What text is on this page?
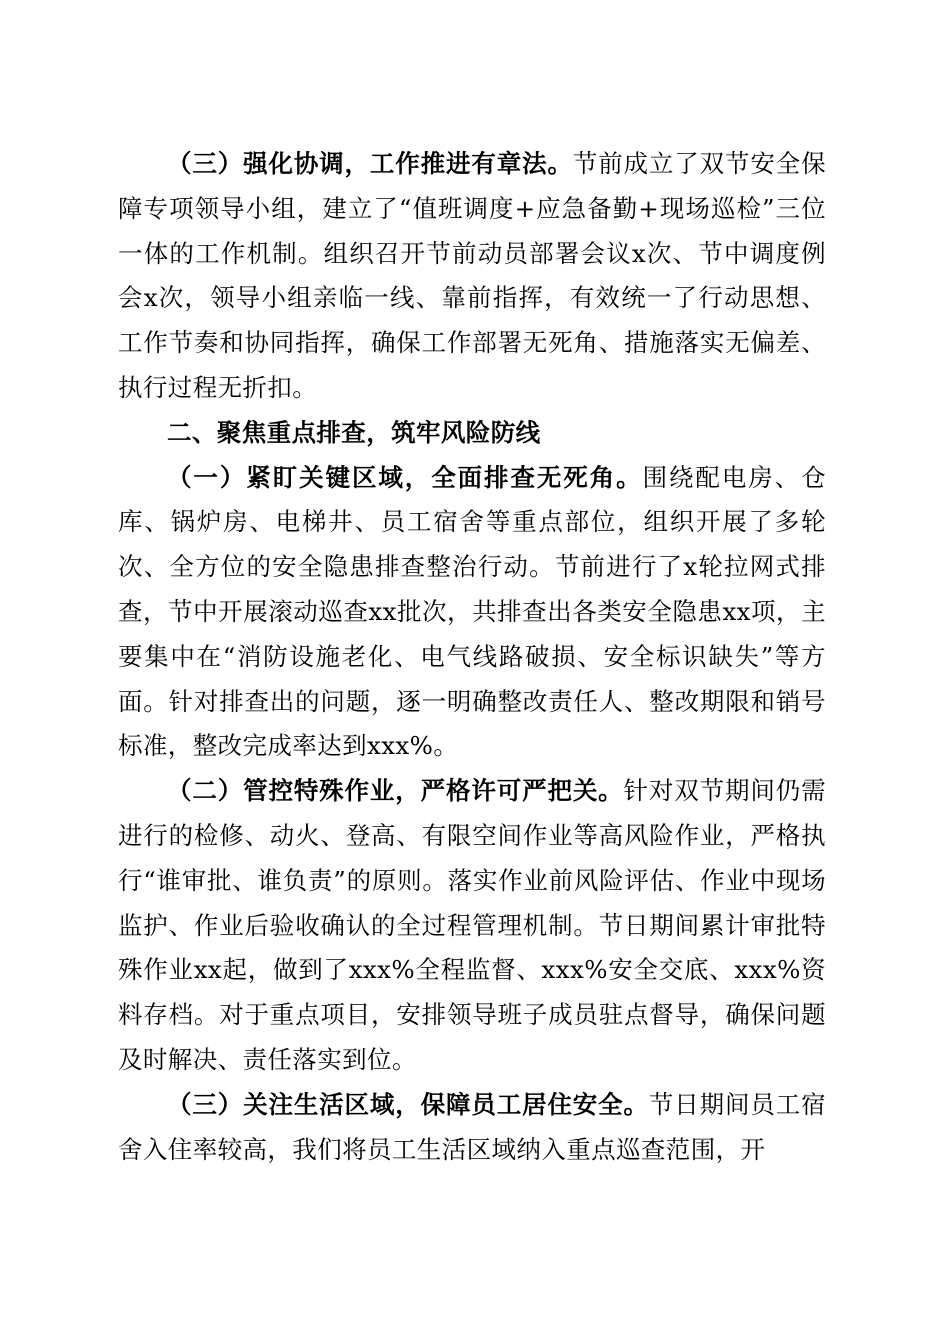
（三）强化协调，工作推进有章法。节前成立了双节安全保障专项领导小组，建立了“值班调度+应急备勤+现场巡检”三位一体的工作机制。组织召开节前动员部署会议x次、节中调度例会x次，领导小组亲临一线、靠前指挥，有效统一了行动思想、工作节奏和协同指挥，确保工作部署无死角、措施落实无偏差、执行过程无折扣。

二、聚焦重点排查，筑牢风险防线

（一）紧盯关键区域，全面排查无死角。围绕配电房、仓库、锅炉房、电梯井、员工宿舍等重点部位，组织开展了多轮次、全方位的安全隐患排查整治行动。节前进行了x轮拉网式排查，节中开展滚动巡查xx批次，共排查出各类安全隐患xx项，主要集中在“消防设施老化、电气线路破损、安全标识缺失”等方面。针对排查出的问题，逐一明确整改责任人、整改期限和销号标准，整改完成率达到xxx%。

（二）管控特殊作业，严格许可严把关。针对双节期间仍需进行的检修、动火、登高、有限空间作业等高风险作业，严格执行“谁审批、谁负责”的原则。落实作业前风险评估、作业中现场监护、作业后验收确认的全过程管理机制。节日期间累计审批特殊作业xx起，做到了xxx%全程监督、xxx%安全交底、xxx%资料存档。对于重点项目，安排领导班子成员驻点督导，确保问题及时解决、责任落实到位。

（三）关注生活区域，保障员工居住安全。节日期间员工宿舍入住率较高，我们将员工生活区域纳入重点巡查范围，开
